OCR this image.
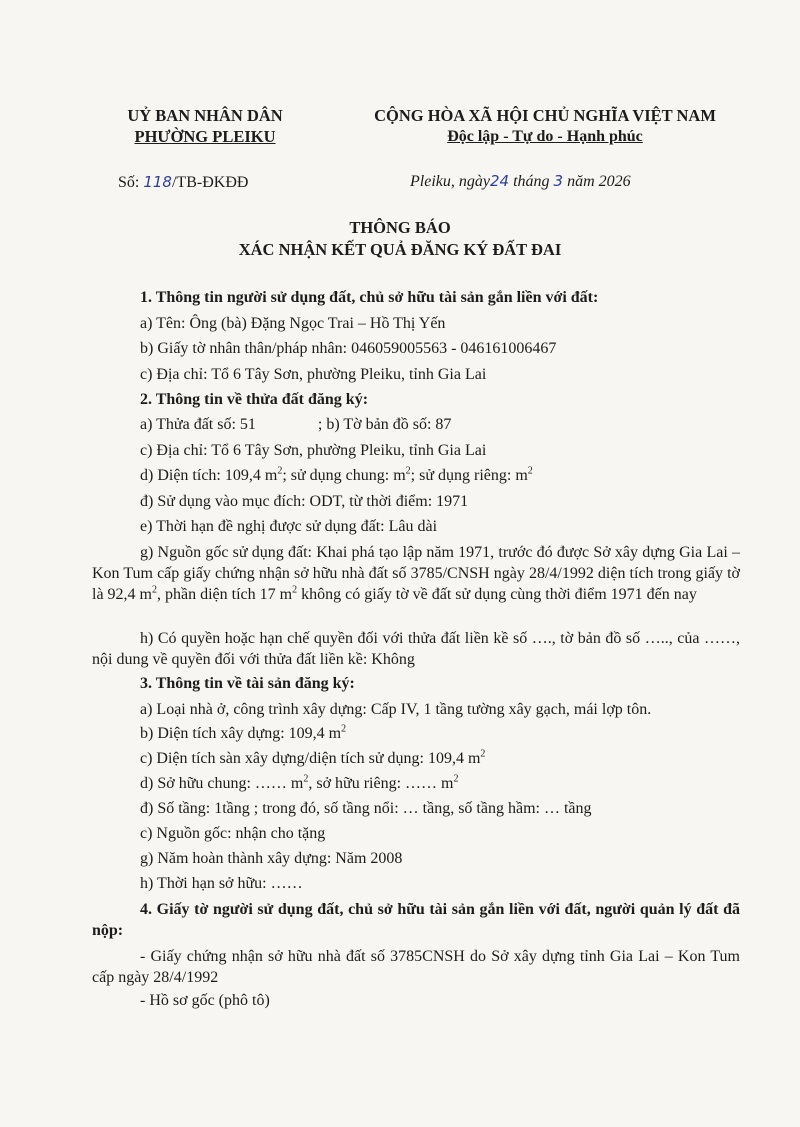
UỶ BAN NHÂN DÂN
PHƯỜNG PLEIKU
CỘNG HÒA XÃ HỘI CHỦ NGHĨA VIỆT NAM
Độc lập - Tự do - Hạnh phúc
Số: 118/TB-ĐKĐĐ	Pleiku, ngày24 tháng 3 năm 2026
THÔNG BÁO
XÁC NHẬN KẾT QUẢ ĐĂNG KÝ ĐẤT ĐAI
1. Thông tin người sử dụng đất, chủ sở hữu tài sản gắn liền với đất:
a) Tên: Ông (bà) Đặng Ngọc Trai – Hồ Thị Yến
b) Giấy tờ nhân thân/pháp nhân: 046059005563 - 046161006467
c) Địa chỉ: Tổ 6 Tây Sơn, phường Pleiku, tỉnh Gia Lai
2. Thông tin về thửa đất đăng ký:
a) Thửa đất số: 51	; b) Tờ bản đồ số: 87
c) Địa chỉ: Tổ 6 Tây Sơn, phường Pleiku, tỉnh Gia Lai
d) Diện tích: 109,4 $m^2$; sử dụng chung: $m^2$; sử dụng riêng: $m^2$
đ) Sử dụng vào mục đích: ODT, từ thời điểm: 1971
e) Thời hạn đề nghị được sử dụng đất: Lâu dài
g) Nguồn gốc sử dụng đất: Khai phá tạo lập năm 1971, trước đó được Sở xây dựng Gia Lai – Kon Tum cấp giấy chứng nhận sở hữu nhà đất số 3785/CNSH ngày 28/4/1992 diện tích trong giấy tờ là 92,4 $m^2$, phần diện tích 17 $m^2$ không có giấy tờ về đất sử dụng cùng thời điểm 1971 đến nay
h) Có quyền hoặc hạn chế quyền đối với thửa đất liền kề số …., tờ bản đồ số ….., của ……, nội dung về quyền đối với thửa đất liền kề: Không
3. Thông tin về tài sản đăng ký:
a) Loại nhà ở, công trình xây dựng: Cấp IV, 1 tầng tường xây gạch, mái lợp tôn.
b) Diện tích xây dựng: 109,4 $m^2$
c) Diện tích sàn xây dựng/diện tích sử dụng: 109,4 $m^2$
d) Sở hữu chung: …… $m^2$, sở hữu riêng: …… $m^2$
đ) Số tầng: 1tầng ; trong đó, số tầng nổi: … tầng, số tầng hầm: … tầng
c) Nguồn gốc: nhận cho tặng
g) Năm hoàn thành xây dựng: Năm 2008
h) Thời hạn sở hữu: ……
4. Giấy tờ người sử dụng đất, chủ sở hữu tài sản gắn liền với đất, người quản lý đất đã nộp:
- Giấy chứng nhận sở hữu nhà đất số 3785CNSH do Sở xây dựng tỉnh Gia Lai – Kon Tum cấp ngày 28/4/1992
- Hồ sơ gốc (phô tô)
